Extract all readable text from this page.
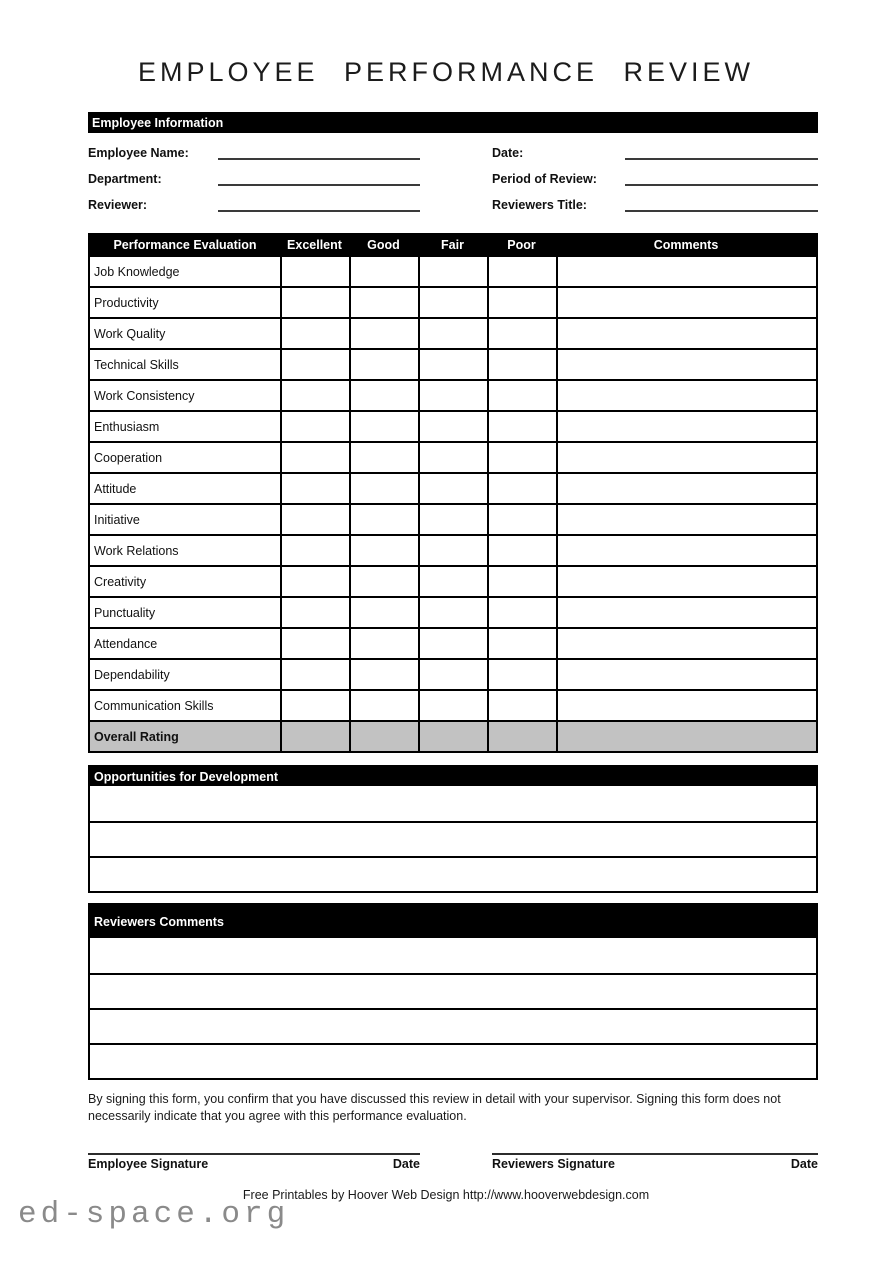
EMPLOYEE PERFORMANCE REVIEW
Employee Information
Employee Name:
Department:
Reviewer:
Date:
Period of Review:
Reviewers Title:
Performance Evaluation	Excellent	Good	Fair	Poor	Comments
Job Knowledge
Productivity
Work Quality
Technical Skills
Work Consistency
Enthusiasm
Cooperation
Attitude
Initiative
Work Relations
Creativity
Punctuality
Attendance
Dependability
Communication Skills
Overall Rating
Opportunities for Development
Reviewers Comments
By signing this form, you confirm that you have discussed this review in detail with your supervisor. Signing this form does not necessarily indicate that you agree with this performance evaluation.
Employee Signature	Date	Reviewers Signature	Date
Free Printables by Hoover Web Design http://www.hooverwebdesign.com
ed-space.org
